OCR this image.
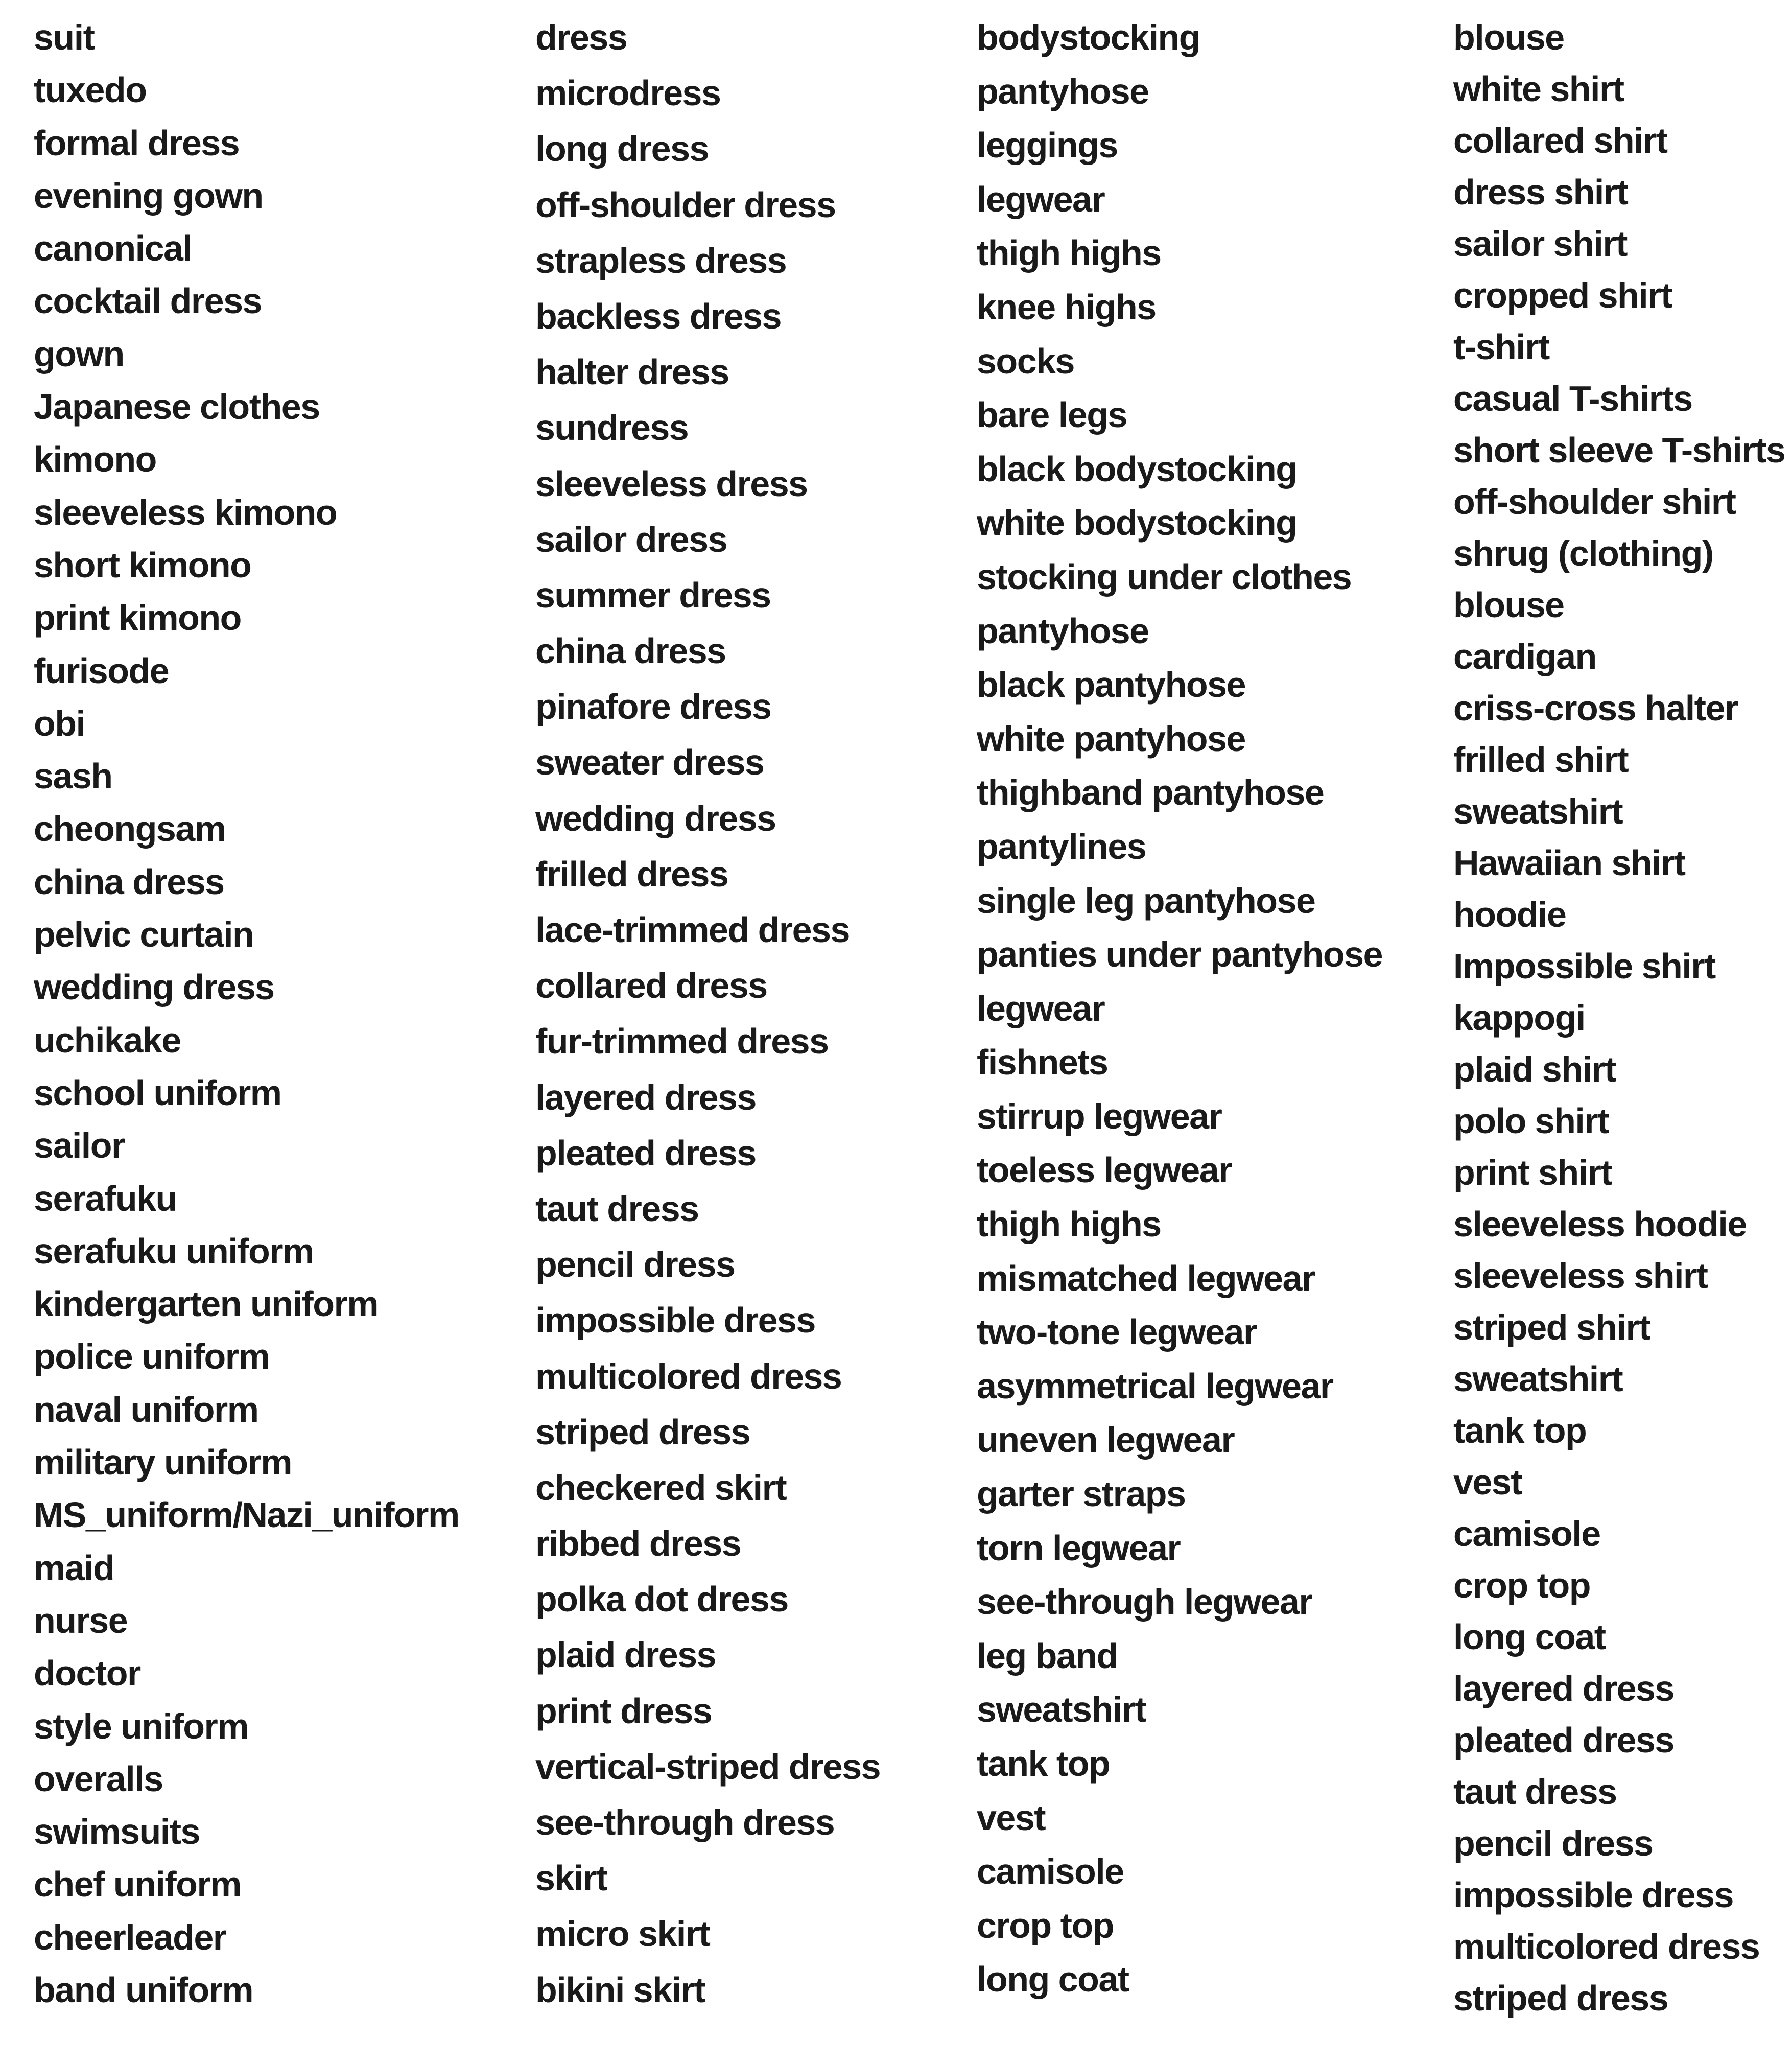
suit
tuxedo
formal dress
evening gown
canonical
cocktail dress
gown
Japanese clothes
kimono
sleeveless kimono
short kimono
print kimono
furisode
obi
sash
cheongsam
china dress
pelvic curtain
wedding dress
uchikake
school uniform
sailor
serafuku
serafuku uniform
kindergarten uniform
police uniform
naval uniform
military uniform
MS_uniform/Nazi_uniform
maid
nurse
doctor
style uniform
overalls
swimsuits
chef uniform
cheerleader
band uniform
dress
microdress
long dress
off-shoulder dress
strapless dress
backless dress
halter dress
sundress
sleeveless dress
sailor dress
summer dress
china dress
pinafore dress
sweater dress
wedding dress
frilled dress
lace-trimmed dress
collared dress
fur-trimmed dress
layered dress
pleated dress
taut dress
pencil dress
impossible dress
multicolored dress
striped dress
checkered skirt
ribbed dress
polka dot dress
plaid dress
print dress
vertical-striped dress
see-through dress
skirt
micro skirt
bikini skirt
bodystocking
pantyhose
leggings
legwear
thigh highs
knee highs
socks
bare legs
black bodystocking
white bodystocking
stocking under clothes
pantyhose
black pantyhose
white pantyhose
thighband pantyhose
pantylines
single leg pantyhose
panties under pantyhose
legwear
fishnets
stirrup legwear
toeless legwear
thigh highs
mismatched legwear
two-tone legwear
asymmetrical legwear
uneven legwear
garter straps
torn legwear
see-through legwear
leg band
sweatshirt
tank top
vest
camisole
crop top
long coat
blouse
white shirt
collared shirt
dress shirt
sailor shirt
cropped shirt
t-shirt
casual T-shirts
short sleeve T-shirts
off-shoulder shirt
shrug (clothing)
blouse
cardigan
criss-cross halter
frilled shirt
sweatshirt
Hawaiian shirt
hoodie
Impossible shirt
kappogi
plaid shirt
polo shirt
print shirt
sleeveless hoodie
sleeveless shirt
striped shirt
sweatshirt
tank top
vest
camisole
crop top
long coat
layered dress
pleated dress
taut dress
pencil dress
impossible dress
multicolored dress
striped dress
